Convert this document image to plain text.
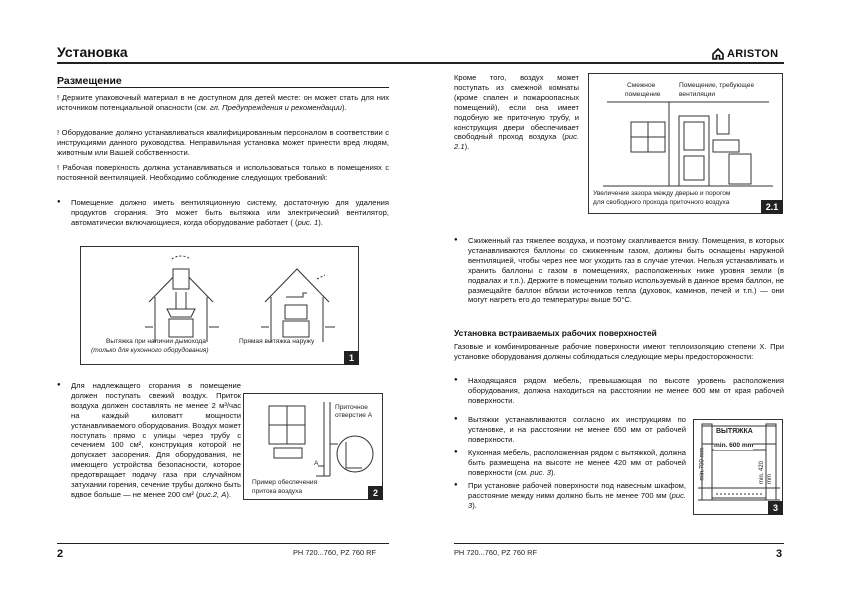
Установка	ARISTON
Размещение
! Держите упаковочный материал в не доступном для детей месте: он может стать для них источником потенциальной опасности (см. гл. Предупреждения и рекомендации).
! Оборудование должно устанавливаться квалифицированным персоналом в соответствии с инструкциями данного руководства. Неправильная установка может принести вред людям, животным или Вашей собственности.
! Рабочая поверхность должна устанавливаться и использоваться только в помещениях с постоянной вентиляцией. Необходимо соблюдение следующих требований:
● Помещение должно иметь вентиляционную систему, достаточную для удаления продуктов сгорания. Это может быть вытяжка или электрический вентилятор, автоматически включающиеся, когда оборудование работает ( (рис. 1).
Вытяжка при наличии дымохода
(только для кухонного оборудования)
Прямая вытяжка наружу
1
● Для надлежащего сгорания в помещение должен поступать свежий воздух. Приток воздуха должен составлять не менее 2 м³/час на каждый киловатт мощности устанавливаемого оборудования. Воздух может поступать прямо с улицы через трубу с сечением 100 см², конструкция которой не допускает засорения. Для оборудования, не имеющего устройства безопасности, которое предотвращает подачу газа при случайном затухании горения, сечение трубы должно быть вдвое больше — не менее 200 см² (рис.2, А).
Приточное
отверстие А
A
Пример обеспечения
притока воздуха	2
2	PH 720...760, PZ 760 RF
Кроме того, воздух может поступать из смежной комнаты (кроме спален и пожароопасных помещений), если она имеет подобную же приточную трубу, и конструкция двери обеспечивает свободный проход воздуха (рис. 2.1).
Смежное
помещение
Помещение, требующее
вентиляции
Увеличение зазора между дверью и порогом
для свободного прохода приточного воздуха	2.1
● Сжиженный газ тяжелее воздуха, и поэтому скапливается внизу. Помещения, в которых устанавливаются баллоны со сжиженным газом, должны быть оснащены наружной вентиляцией, чтобы через нее мог уходить газ в случае утечки. Нельзя устанавливать и хранить баллоны с газом в помещениях, расположенных ниже уровня земли (в подвалах и т.п.). Держите в помещении только используемый в данное время баллон, не размещайте баллон вблизи источников тепла (духовок, каминов, печей и т.п.) — они могут нагреть его до температуры выше 50°С.
Установка встраиваемых рабочих поверхностей
Газовые и комбинированные рабочие поверхности имеют теплоизоляцию степени Х. При установке оборудования должны соблюдаться следующие меры предосторожности:
● Находящаяся рядом мебель, превышающая по высоте уровень расположения оборудования, должна находиться на расстоянии не менее 600 мм от края рабочей поверхности.
● Вытяжки устанавливаются согласно их инструкциям по установке, и на расстоянии не менее 650 мм от рабочей поверхности.
● Кухонная мебель, расположенная рядом с вытяжкой, должна быть размещена на высоте не менее 420 мм от рабочей поверхности (см. рис. 3).
● При установке рабочей поверхности под навесным шкафом, расстояние между ними должно быть не менее 700 мм (рис. 3).
ВЫТЯЖКА
min. 600 mm
min.700 mm	min. 420 mm
3
PH 720...760, PZ 760 RF	3
